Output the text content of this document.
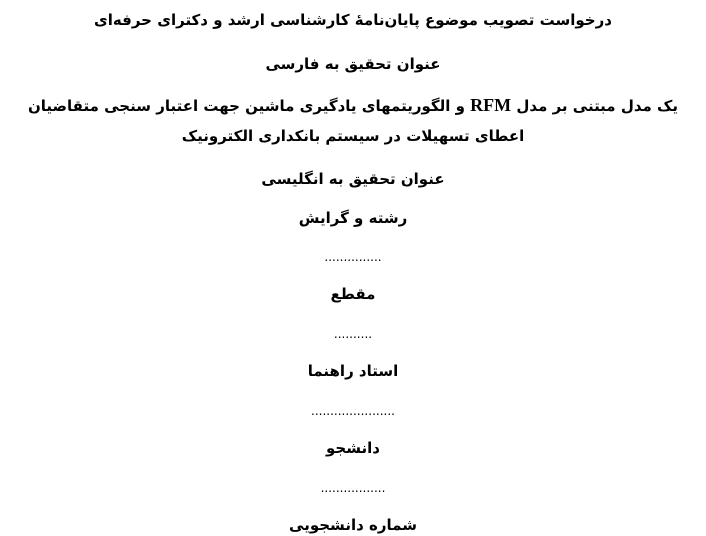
درخواست تصویب موضوع پایان‌نامهٔ کارشناسی ارشد و دکترای حرفه‌ای
عنوان تحقیق به فارسی
یک مدل مبتنی بر مدل RFM و الگوریتمهای یادگیری ماشین جهت اعتبار سنجی متقاضیان
اعطای تسهیلات در سیستم بانکداری الکترونیک
عنوان تحقیق به انگلیسی
رشته و گرایش
...............
مقطع
..........
استاد راهنما
......................
دانشجو
.................
شماره دانشجویی
